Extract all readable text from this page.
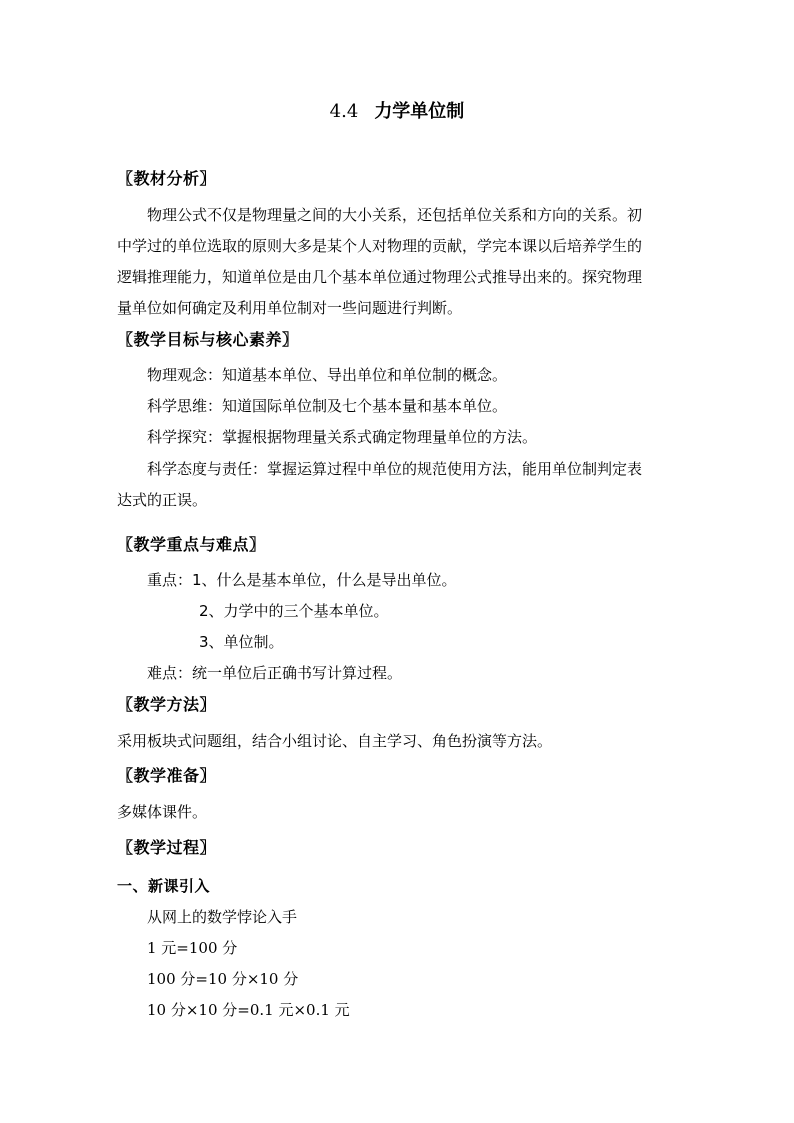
4.4 力学单位制
〖教材分析〗
物理公式不仅是物理量之间的大小关系，还包括单位关系和方向的关系。初
中学过的单位选取的原则大多是某个人对物理的贡献，学完本课以后培养学生的
逻辑推理能力，知道单位是由几个基本单位通过物理公式推导出来的。探究物理
量单位如何确定及利用单位制对一些问题进行判断。
〖教学目标与核心素养〗
物理观念：知道基本单位、导出单位和单位制的概念。
科学思维：知道国际单位制及七个基本量和基本单位。
科学探究：掌握根据物理量关系式确定物理量单位的方法。
科学态度与责任：掌握运算过程中单位的规范使用方法，能用单位制判定表
达式的正误。
〖教学重点与难点〗
重点：1、什么是基本单位，什么是导出单位。
2、力学中的三个基本单位。
3、单位制。
难点：统一单位后正确书写计算过程。
〖教学方法〗
采用板块式问题组，结合小组讨论、自主学习、角色扮演等方法。
〖教学准备〗
多媒体课件。
〖教学过程〗
一、新课引入
从网上的数学悖论入手
1 元=100 分
100 分=10 分×10 分
10 分×10 分=0.1 元×0.1 元
